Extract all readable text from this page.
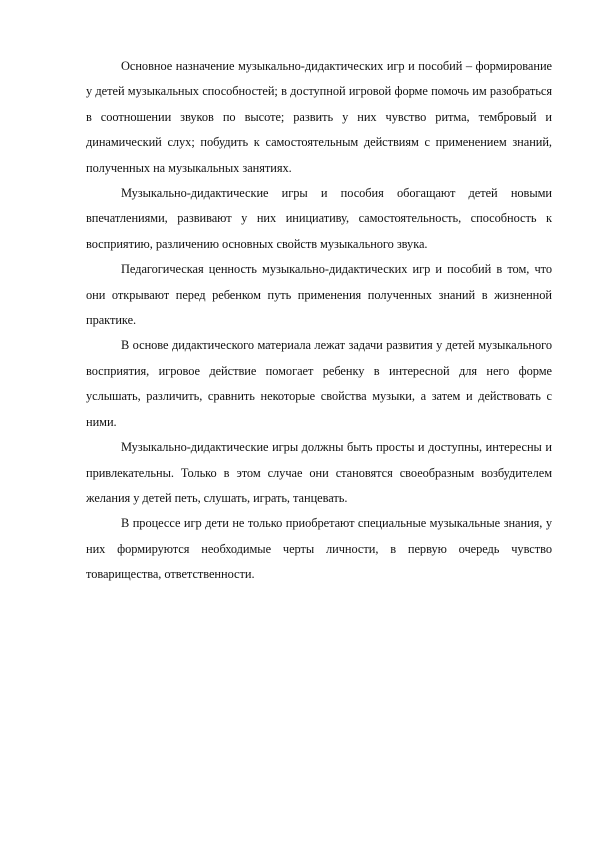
Основное назначение музыкально-дидактических игр и пособий – формирование у детей музыкальных способностей; в доступной игровой форме помочь им разобраться в соотношении звуков по высоте; развить у них чувство ритма, тембровый и динамический слух; побудить к самостоятельным действиям с применением знаний, полученных на музыкальных занятиях.

Музыкально-дидактические игры и пособия обогащают детей новыми впечатлениями, развивают у них инициативу, самостоятельность, способность к восприятию, различению основных свойств музыкального звука.

Педагогическая ценность музыкально-дидактических игр и пособий в том, что они открывают перед ребенком путь применения полученных знаний в жизненной практике.

В основе дидактического материала лежат задачи развития у детей музыкального восприятия, игровое действие помогает ребенку в интересной для него форме услышать, различить, сравнить некоторые свойства музыки, а затем и действовать с ними.

Музыкально-дидактические игры должны быть просты и доступны, интересны и привлекательны. Только в этом случае они становятся своеобразным возбудителем желания у детей петь, слушать, играть, танцевать.

В процессе игр дети не только приобретают специальные музыкальные знания, у них формируются необходимые черты личности, в первую очередь чувство товарищества, ответственности.
